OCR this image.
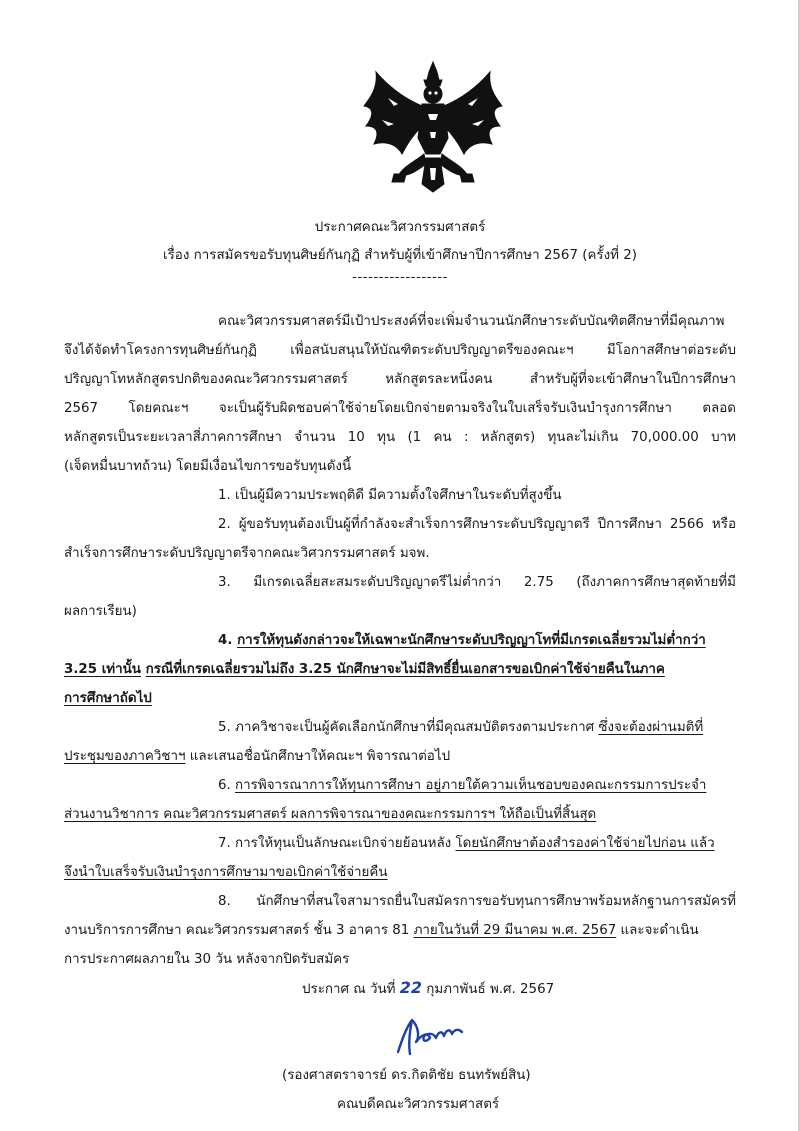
ประกาศคณะวิศวกรรมศาสตร์
เรื่อง การสมัครขอรับทุนศิษย์กันกุฏิ สำหรับผู้ที่เข้าศึกษาปีการศึกษา 2567 (ครั้งที่ 2)
------------------
คณะวิศวกรรมศาสตร์มีเป้าประสงค์ที่จะเพิ่มจำนวนนักศึกษาระดับบัณฑิตศึกษาที่มีคุณภาพ
จึงได้จัดทำโครงการทุนศิษย์กันกุฏิ เพื่อสนับสนุนให้บัณฑิตระดับปริญญาตรีของคณะฯ มีโอกาสศึกษาต่อระดับ
ปริญญาโทหลักสูตรปกติของคณะวิศวกรรมศาสตร์ หลักสูตรละหนึ่งคน สำหรับผู้ที่จะเข้าศึกษาในปีการศึกษา
2567 โดยคณะฯ จะเป็นผู้รับผิดชอบค่าใช้จ่ายโดยเบิกจ่ายตามจริงในใบเสร็จรับเงินบำรุงการศึกษา ตลอด
หลักสูตรเป็นระยะเวลาสี่ภาคการศึกษา จำนวน 10 ทุน (1 คน : หลักสูตร) ทุนละไม่เกิน 70,000.00 บาท
(เจ็ดหมื่นบาทถ้วน) โดยมีเงื่อนไขการขอรับทุนดังนี้
1. เป็นผู้มีความประพฤติดี มีความตั้งใจศึกษาในระดับที่สูงขึ้น
2. ผู้ขอรับทุนต้องเป็นผู้ที่กำลังจะสำเร็จการศึกษาระดับปริญญาตรี ปีการศึกษา 2566 หรือ
สำเร็จการศึกษาระดับปริญญาตรีจากคณะวิศวกรรมศาสตร์ มจพ.
3. มีเกรดเฉลี่ยสะสมระดับปริญญาตรีไม่ต่ำกว่า 2.75 (ถึงภาคการศึกษาสุดท้ายที่มี
ผลการเรียน)
4. การให้ทุนดังกล่าวจะให้เฉพาะนักศึกษาระดับปริญญาโทที่มีเกรดเฉลี่ยรวมไม่ต่ำกว่า
3.25 เท่านั้น กรณีที่เกรดเฉลี่ยรวมไม่ถึง 3.25 นักศึกษาจะไม่มีสิทธิ์ยื่นเอกสารขอเบิกค่าใช้จ่ายคืนในภาค
การศึกษาถัดไป
5. ภาควิชาจะเป็นผู้คัดเลือกนักศึกษาที่มีคุณสมบัติตรงตามประกาศ ซึ่งจะต้องผ่านมติที่
ประชุมของภาควิชาฯ และเสนอชื่อนักศึกษาให้คณะฯ พิจารณาต่อไป
6. การพิจารณาการให้ทุนการศึกษา อยู่ภายใต้ความเห็นชอบของคณะกรรมการประจำ
ส่วนงานวิชาการ คณะวิศวกรรมศาสตร์ ผลการพิจารณาของคณะกรรมการฯ ให้ถือเป็นที่สิ้นสุด
7. การให้ทุนเป็นลักษณะเบิกจ่ายย้อนหลัง โดยนักศึกษาต้องสำรองค่าใช้จ่ายไปก่อน แล้ว
จึงนำใบเสร็จรับเงินบำรุงการศึกษามาขอเบิกค่าใช้จ่ายคืน
8. นักศึกษาที่สนใจสามารถยื่นใบสมัครการขอรับทุนการศึกษาพร้อมหลักฐานการสมัครที่
งานบริการการศึกษา คณะวิศวกรรมศาสตร์ ชั้น 3 อาคาร 81 ภายในวันที่ 29 มีนาคม พ.ศ. 2567 และจะดำเนิน
การประกาศผลภายใน 30 วัน หลังจากปิดรับสมัคร
ประกาศ ณ วันที่ 22 กุมภาพันธ์ พ.ศ. 2567
(รองศาสตราจารย์ ดร.กิตติชัย ธนทรัพย์สิน)
คณบดีคณะวิศวกรรมศาสตร์
